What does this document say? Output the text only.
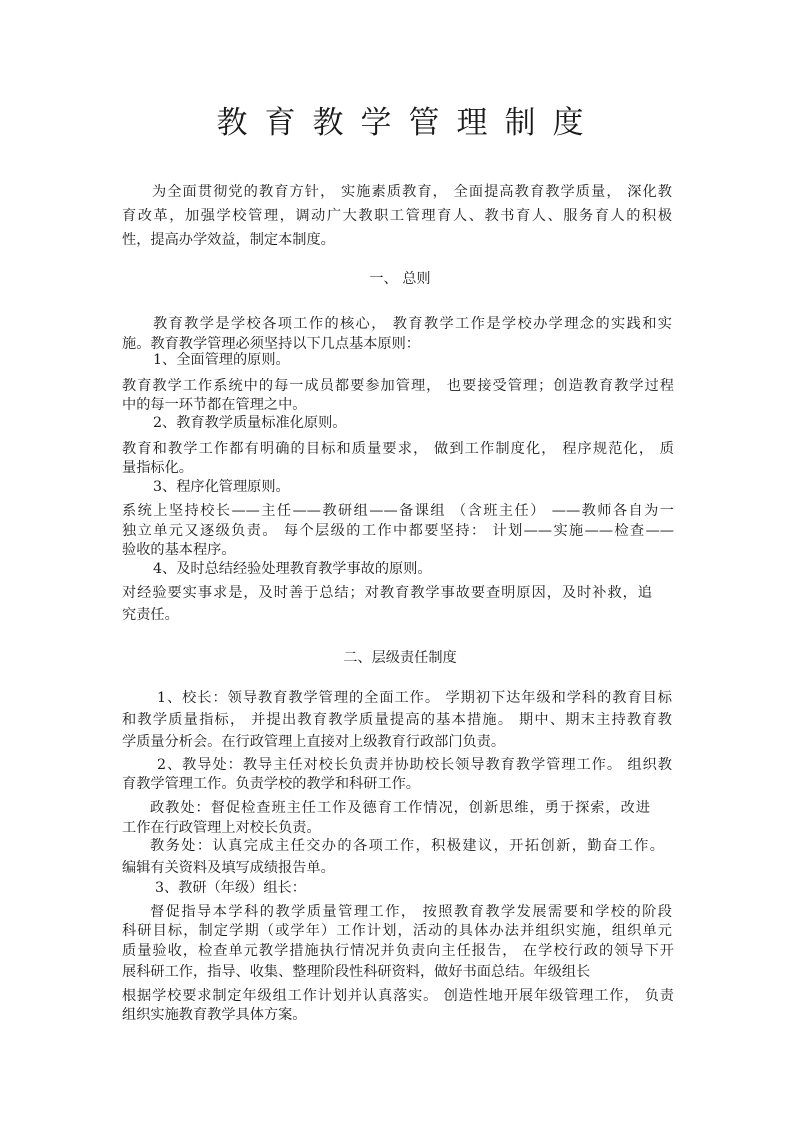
教育教学管理制度

为全面贯彻党的教育方针， 实施素质教育， 全面提高教育教学质量， 深化教

育改革，加强学校管理，调动广大教职工管理育人、教书育人、服务育人的积极

性，提高办学效益，制定本制度。

一、 总则

教育教学是学校各项工作的核心， 教育教学工作是学校办学理念的实践和实

施。教育教学管理必须坚持以下几点基本原则：

1、全面管理的原则。

教育教学工作系统中的每一成员都要参加管理， 也要接受管理；创造教育教学过程

中的每一环节都在管理之中。

2、教育教学质量标准化原则。

教育和教学工作都有明确的目标和质量要求， 做到工作制度化， 程序规范化， 质

量指标化。

3、程序化管理原则。

系统上坚持校长——主任——教研组——备课组 （含班主任） ——教师各自为一

独立单元又逐级负责。 每个层级的工作中都要坚持： 计划——实施——检查——

验收的基本程序。

4、及时总结经验处理教育教学事故的原则。

对经验要实事求是，及时善于总结；对教育教学事故要查明原因，及时补救，追

究责任。

二、层级责任制度

1、校长：领导教育教学管理的全面工作。 学期初下达年级和学科的教育目标

和教学质量指标， 并提出教育教学质量提高的基本措施。 期中、期末主持教育教

学质量分析会。在行政管理上直接对上级教育行政部门负责。

2、教导处：教导主任对校长负责并协助校长领导教育教学管理工作。 组织教

育教学管理工作。负责学校的教学和科研工作。

政教处：督促检查班主任工作及德育工作情况，创新思维，勇于探索，改进

工作在行政管理上对校长负责。

教务处：认真完成主任交办的各项工作，积极建议，开拓创新，勤奋工作。

编辑有关资料及填写成绩报告单。

3、教研（年级）组长：

督促指导本学科的教学质量管理工作， 按照教育教学发展需要和学校的阶段

科研目标，制定学期（或学年）工作计划，活动的具体办法并组织实施，组织单元

质量验收，检查单元教学措施执行情况并负责向主任报告， 在学校行政的领导下开

展科研工作，指导、收集、整理阶段性科研资料，做好书面总结。年级组长

根据学校要求制定年级组工作计划并认真落实。 创造性地开展年级管理工作， 负责

组织实施教育教学具体方案。
